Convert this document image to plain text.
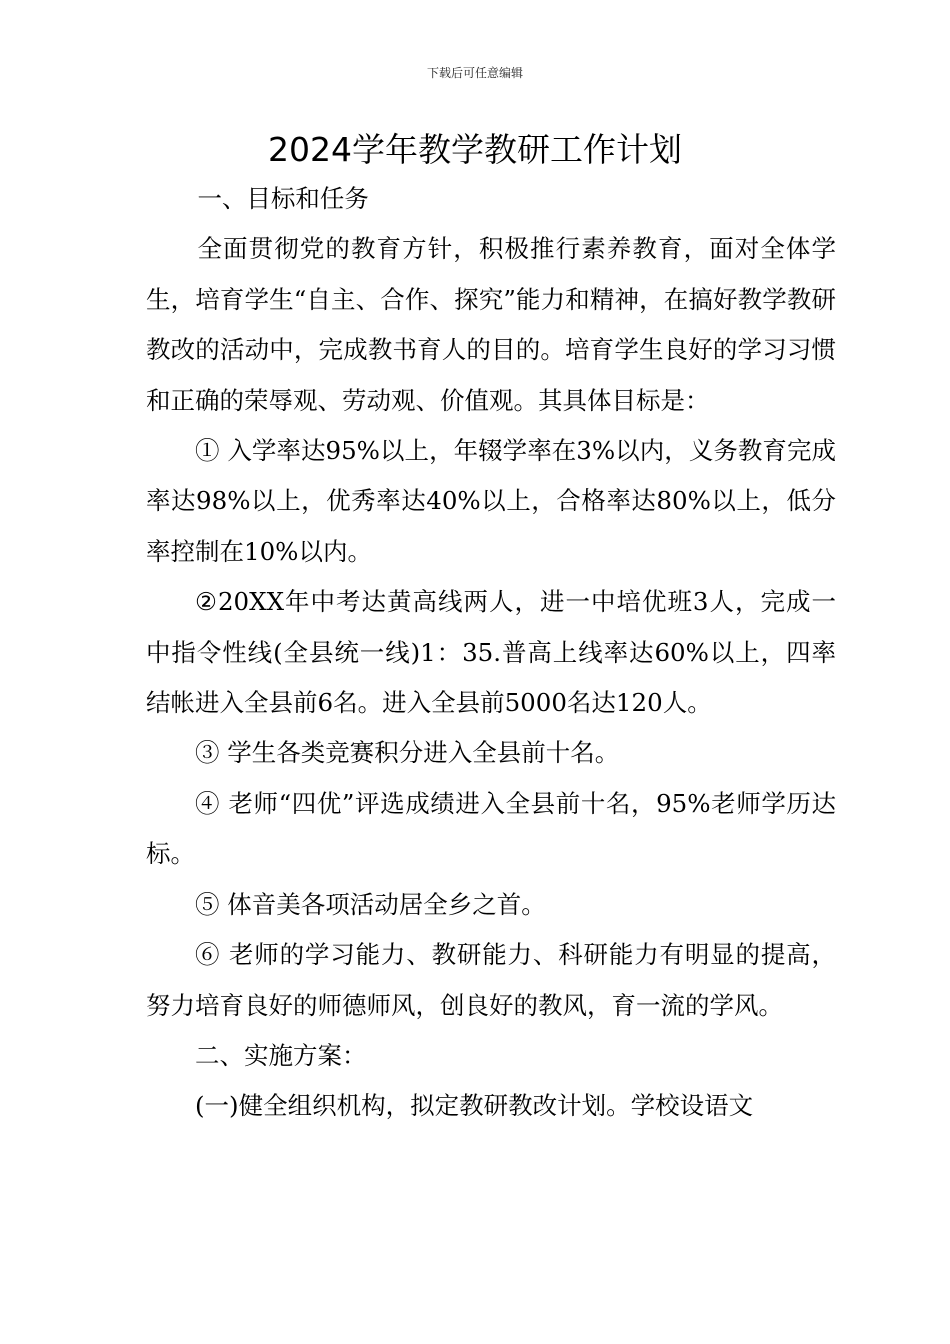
下载后可任意编辑
2024学年教学教研工作计划

一、目标和任务

全面贯彻党的教育方针，积极推行素养教育，面对全体学生，培育学生“自主、合作、探究”能力和精神，在搞好教学教研教改的活动中，完成教书育人的目的。培育学生良好的学习习惯和正确的荣辱观、劳动观、价值观。其具体目标是：

① 入学率达95%以上，年辍学率在3%以内，义务教育完成率达98%以上，优秀率达40%以上，合格率达80%以上，低分率控制在10%以内。

②20XX年中考达黄高线两人，进一中培优班3人，完成一中指令性线(全县统一线)1：35.普高上线率达60%以上，四率结帐进入全县前6名。进入全县前5000名达120人。

③ 学生各类竞赛积分进入全县前十名。

④ 老师“四优”评选成绩进入全县前十名，95%老师学历达标。

⑤ 体音美各项活动居全乡之首。

⑥ 老师的学习能力、教研能力、科研能力有明显的提高，努力培育良好的师德师风，创良好的教风，育一流的学风。

二、实施方案：

(一)健全组织机构，拟定教研教改计划。学校设语文
